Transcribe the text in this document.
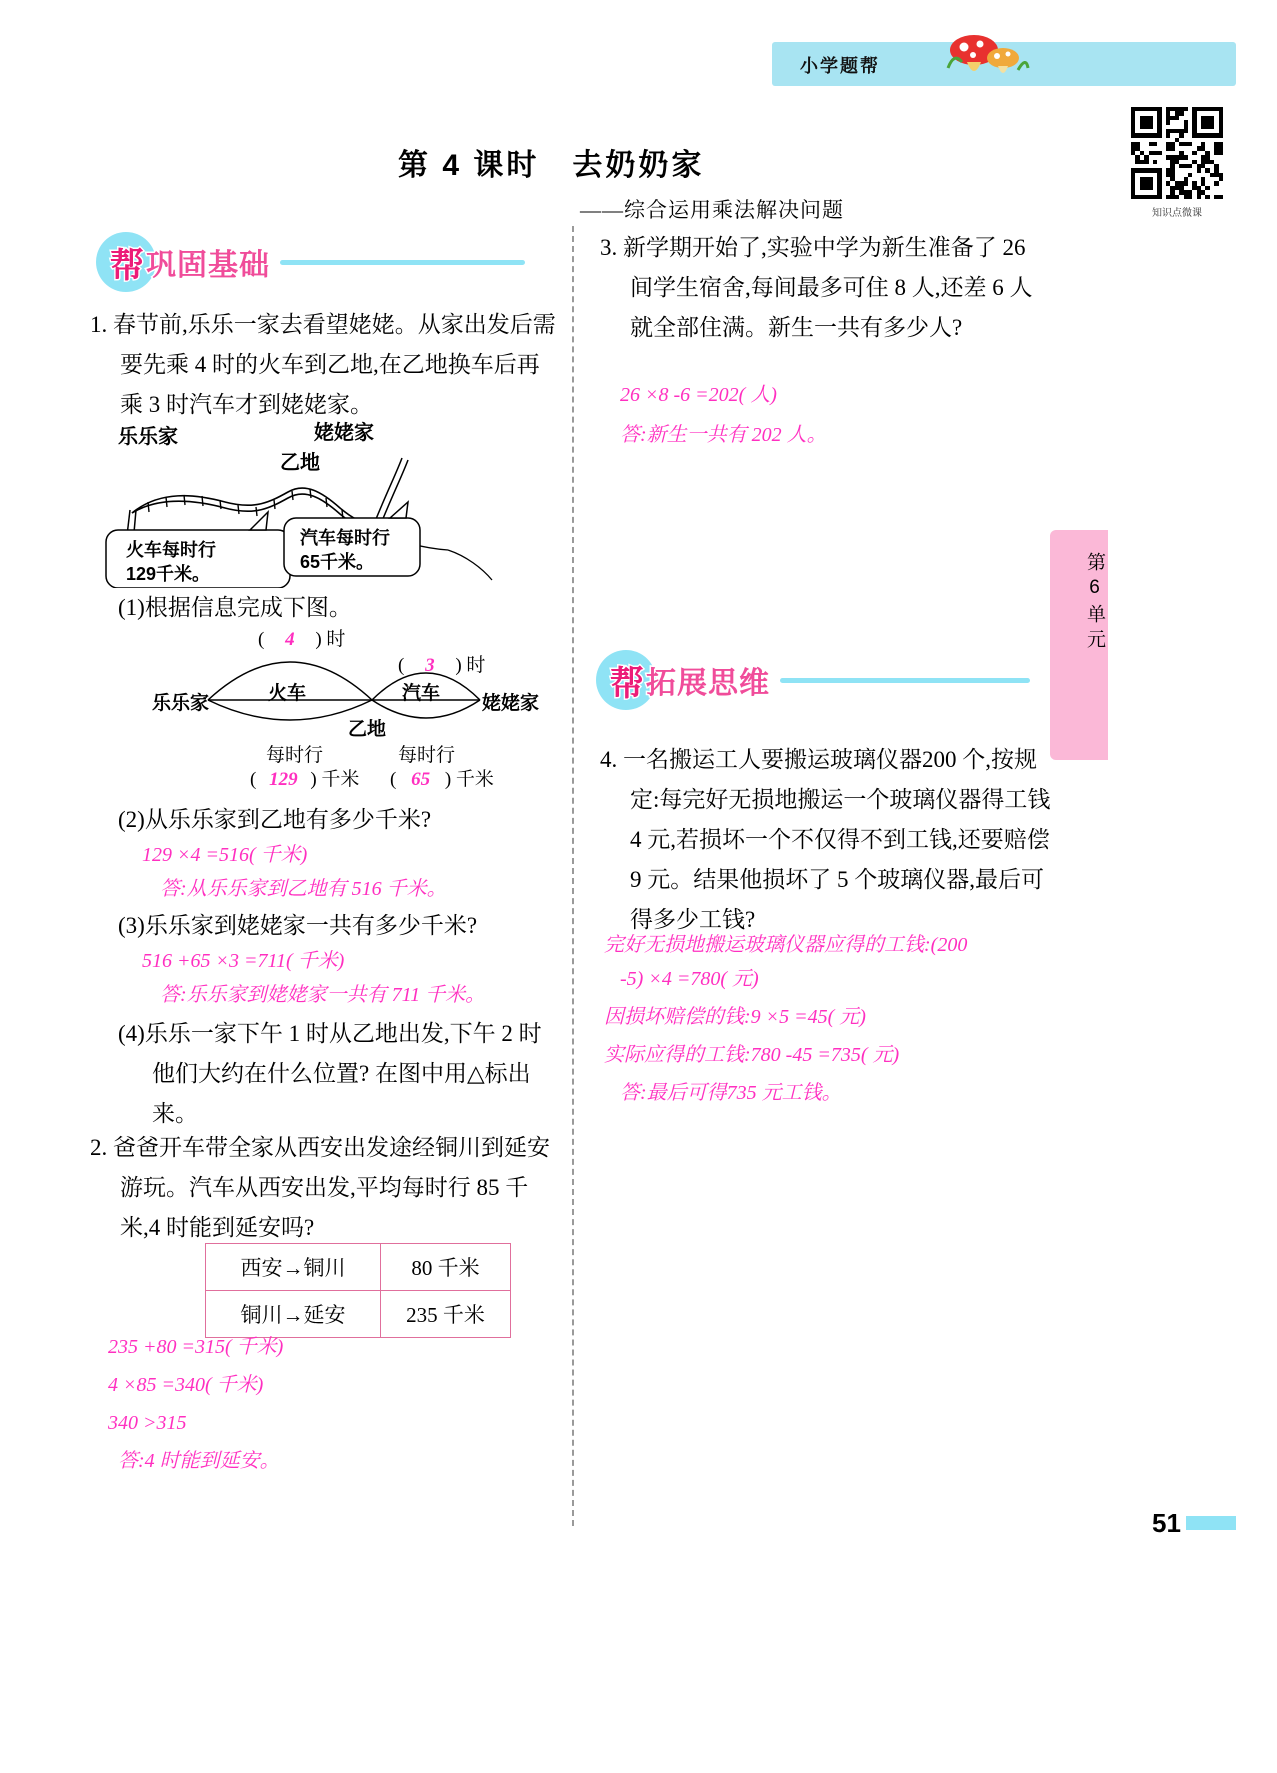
小学题帮
知识点微课
第 4 课时　去奶奶家
——综合运用乘法解决问题
帮 巩固基础
1. 春节前,乐乐一家去看望姥姥。从家出发后需要先乘 4 时的火车到乙地,在乙地换车后再乘 3 时汽车才到姥姥家。
乐乐家
乙地
姥姥家
火车每时行
129千米。
汽车每时行
65千米。
(1)根据信息完成下图。
( 4 ) 时
( 3 ) 时
乐乐家	姥姥家
乙地
火车	汽车
每时行	每时行
( 129 ) 千米 ( 65 ) 千米
(2)从乐乐家到乙地有多少千米?
129 ×4 =516( 千米)
答:从乐乐家到乙地有 516 千米。
(3)乐乐家到姥姥家一共有多少千米?
516 +65 ×3 =711( 千米)
答:乐乐家到姥姥家一共有 711 千米。
(4)乐乐一家下午 1 时从乙地出发,下午 2 时他们大约在什么位置? 在图中用△标出来。
2. 爸爸开车带全家从西安出发途经铜川到延安游玩。汽车从西安出发,平均每时行 85 千米,4 时能到延安吗?
西安→铜川	80 千米
铜川→延安	235 千米
235 +80 =315( 千米)
4 ×85 =340( 千米)
340 >315
答:4 时能到延安。
3. 新学期开始了,实验中学为新生准备了 26 间学生宿舍,每间最多可住 8 人,还差 6 人就全部住满。新生一共有多少人?
26 ×8 -6 =202( 人)
答:新生一共有 202 人。
帮 拓展思维
4. 一名搬运工人要搬运玻璃仪器200 个,按规定:每完好无损地搬运一个玻璃仪器得工钱4 元,若损坏一个不仅得不到工钱,还要赔偿 9 元。结果他损坏了 5 个玻璃仪器,最后可得多少工钱?
完好无损地搬运玻璃仪器应得的工钱:(200
-5) ×4 =780( 元)
因损坏赔偿的钱:9 ×5 =45( 元)
实际应得的工钱:780 -45 =735( 元)
答:最后可得735 元工钱。
第6单元
51
